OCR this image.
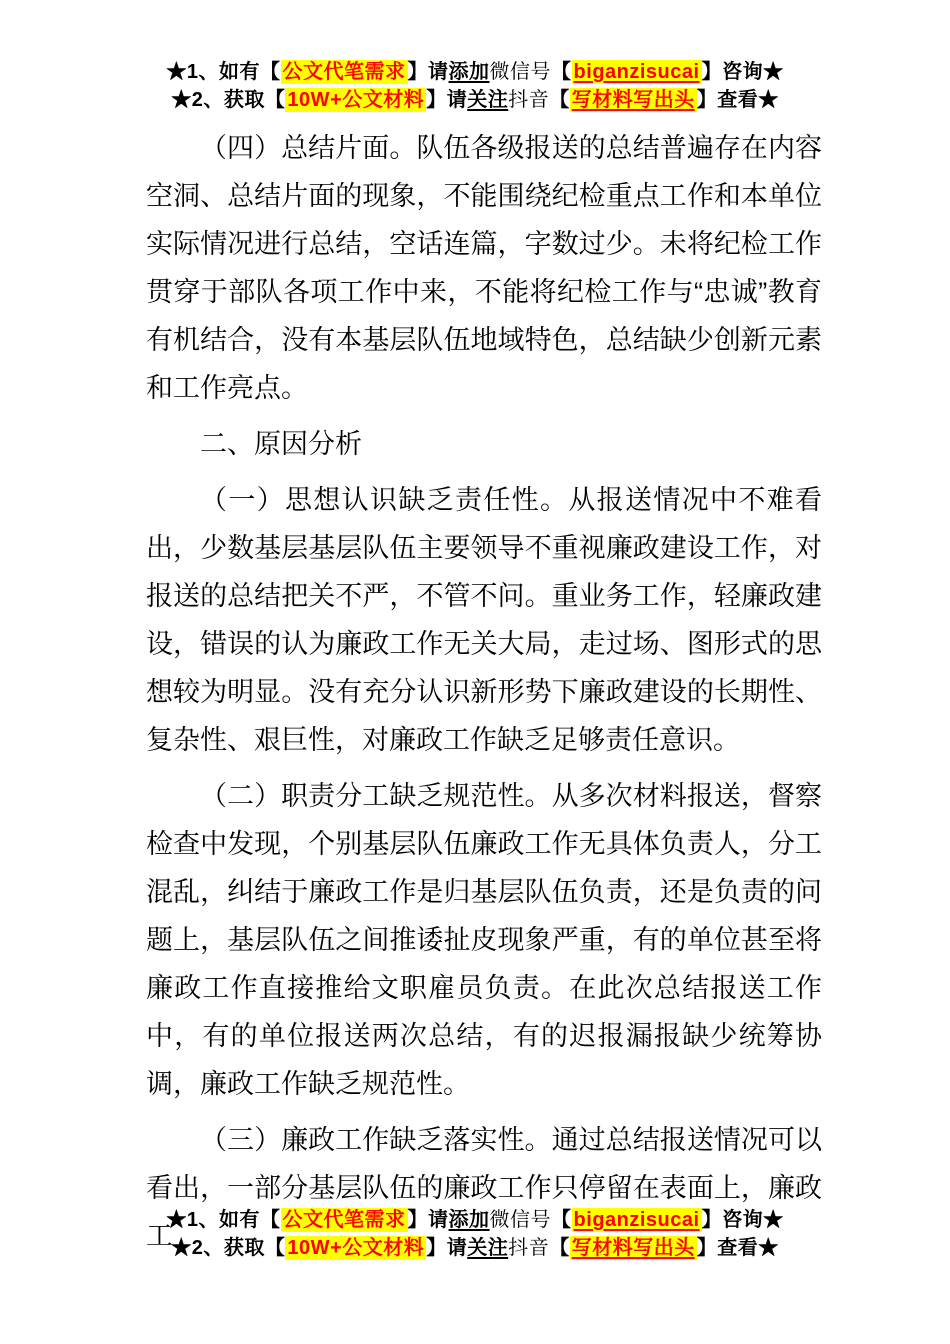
★1、如有【 公文代笔需求 】请添加微信号【 biganzisucai 】咨询★
★2、获取【 10W+公文材料 】请关注抖音【 写材料写出头 】查看★

（四）总结片面。队伍各级报送的总结普遍存在内容空洞、总结片面的现象，不能围绕纪检重点工作和本单位实际情况进行总结，空话连篇，字数过少。未将纪检工作贯穿于部队各项工作中来，不能将纪检工作与“忠诚”教育有机结合，没有本基层队伍地域特色，总结缺少创新元素和工作亮点。

二、原因分析

（一）思想认识缺乏责任性。从报送情况中不难看出，少数基层基层队伍主要领导不重视廉政建设工作，对报送的总结把关不严，不管不问。重业务工作，轻廉政建设，错误的认为廉政工作无关大局，走过场、图形式的思想较为明显。没有充分认识新形势下廉政建设的长期性、复杂性、艰巨性，对廉政工作缺乏足够责任意识。

（二）职责分工缺乏规范性。从多次材料报送，督察检查中发现，个别基层队伍廉政工作无具体负责人，分工混乱，纠结于廉政工作是归基层队伍负责，还是负责的问题上，基层队伍之间推诿扯皮现象严重，有的单位甚至将廉政工作直接推给文职雇员负责。在此次总结报送工作中，有的单位报送两次总结，有的迟报漏报缺少统筹协调，廉政工作缺乏规范性。

（三）廉政工作缺乏落实性。通过总结报送情况可以看出，一部分基层队伍的廉政工作只停留在表面上，廉政工

★1、如有【 公文代笔需求 】请添加微信号【 biganzisucai 】咨询★
★2、获取【 10W+公文材料 】请关注抖音【 写材料写出头 】查看★
